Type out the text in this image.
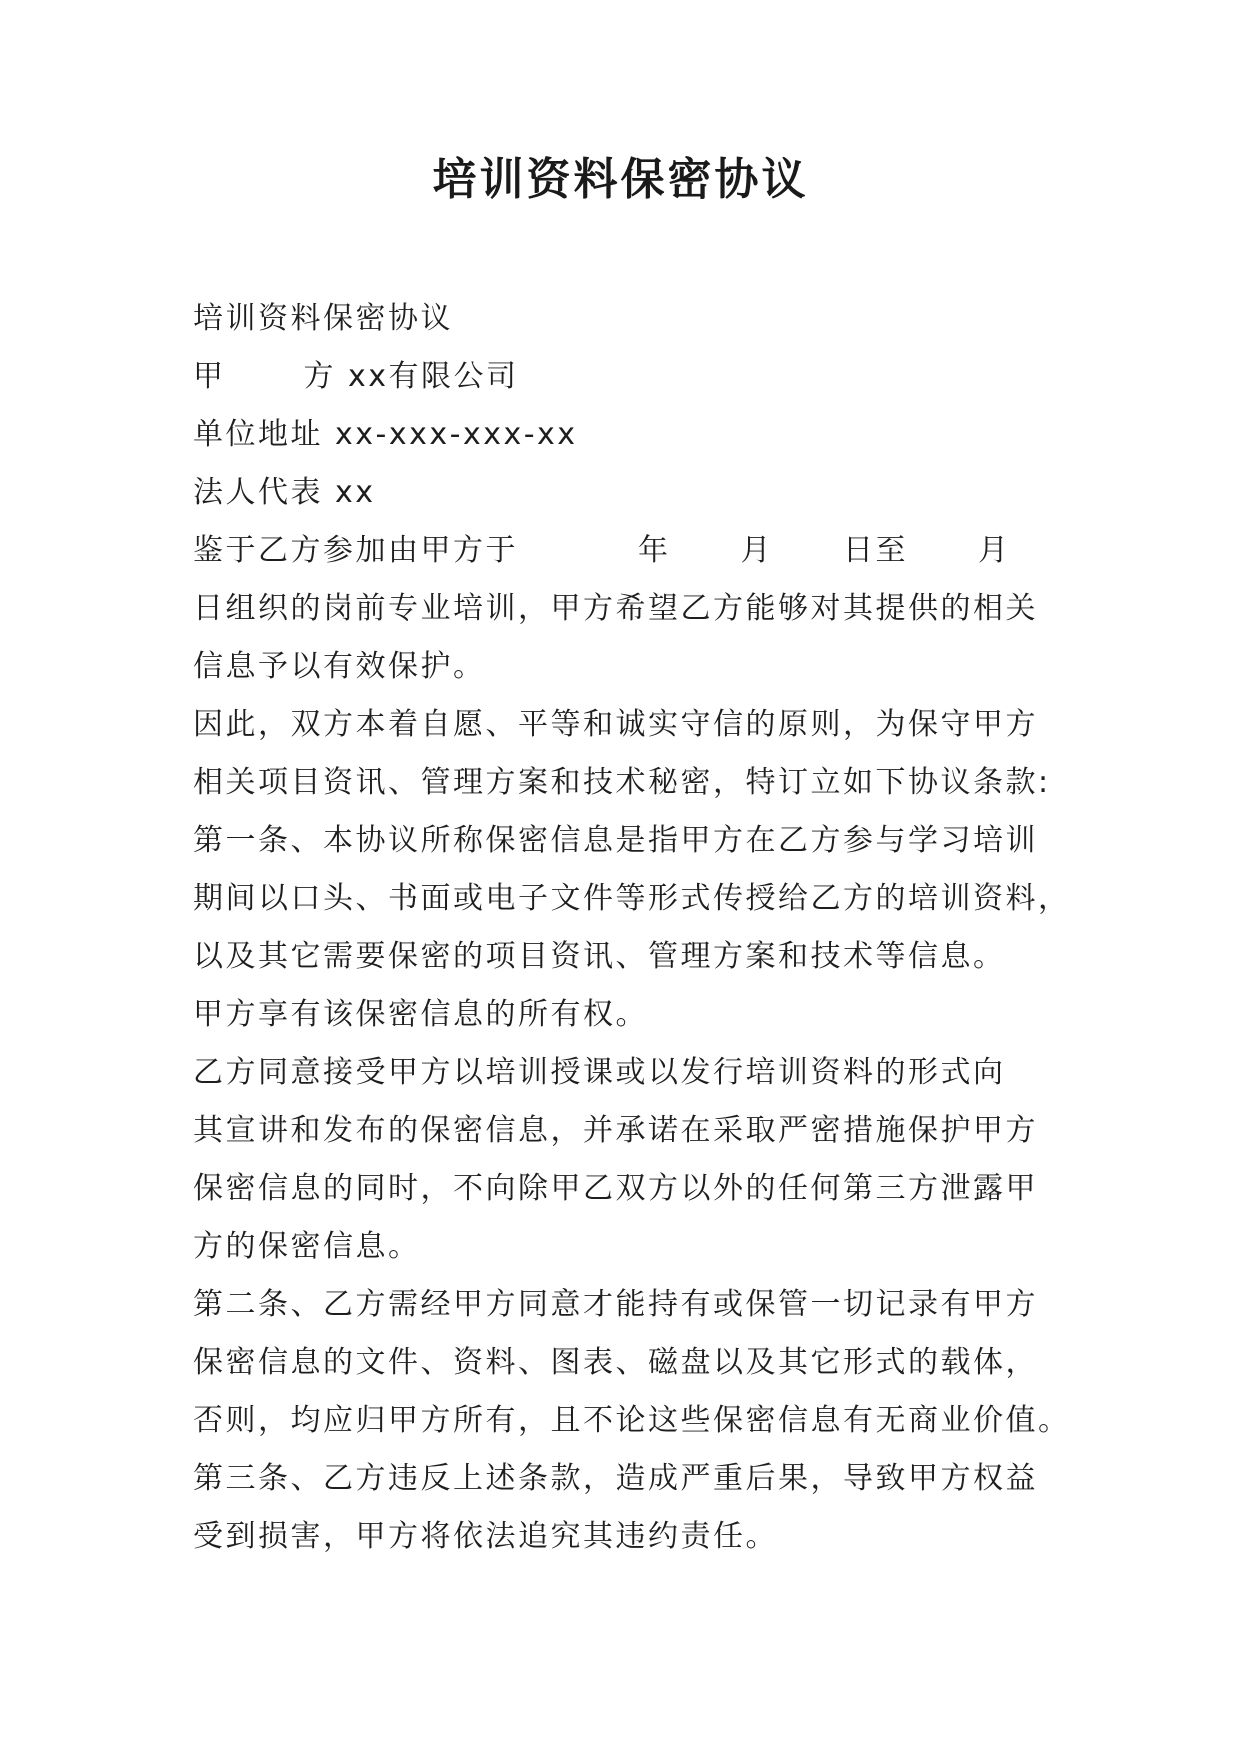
培训资料保密协议
培训资料保密协议
甲	方 xx有限公司
单位地址 xx-xxx-xxx-xx
法人代表 xx
鉴于乙方参加由甲方于	年 月 日至 月
日组织的岗前专业培训，甲方希望乙方能够对其提供的相关
信息予以有效保护。
因此，双方本着自愿、平等和诚实守信的原则，为保守甲方
相关项目资讯、管理方案和技术秘密，特订立如下协议条款:
第一条、本协议所称保密信息是指甲方在乙方参与学习培训
期间以口头、书面或电子文件等形式传授给乙方的培训资料，
以及其它需要保密的项目资讯、管理方案和技术等信息。
甲方享有该保密信息的所有权。
乙方同意接受甲方以培训授课或以发行培训资料的形式向
其宣讲和发布的保密信息，并承诺在采取严密措施保护甲方
保密信息的同时，不向除甲乙双方以外的任何第三方泄露甲
方的保密信息。
第二条、乙方需经甲方同意才能持有或保管一切记录有甲方
保密信息的文件、资料、图表、磁盘以及其它形式的载体，
否则，均应归甲方所有，且不论这些保密信息有无商业价值。
第三条、乙方违反上述条款，造成严重后果，导致甲方权益
受到损害，甲方将依法追究其违约责任。
